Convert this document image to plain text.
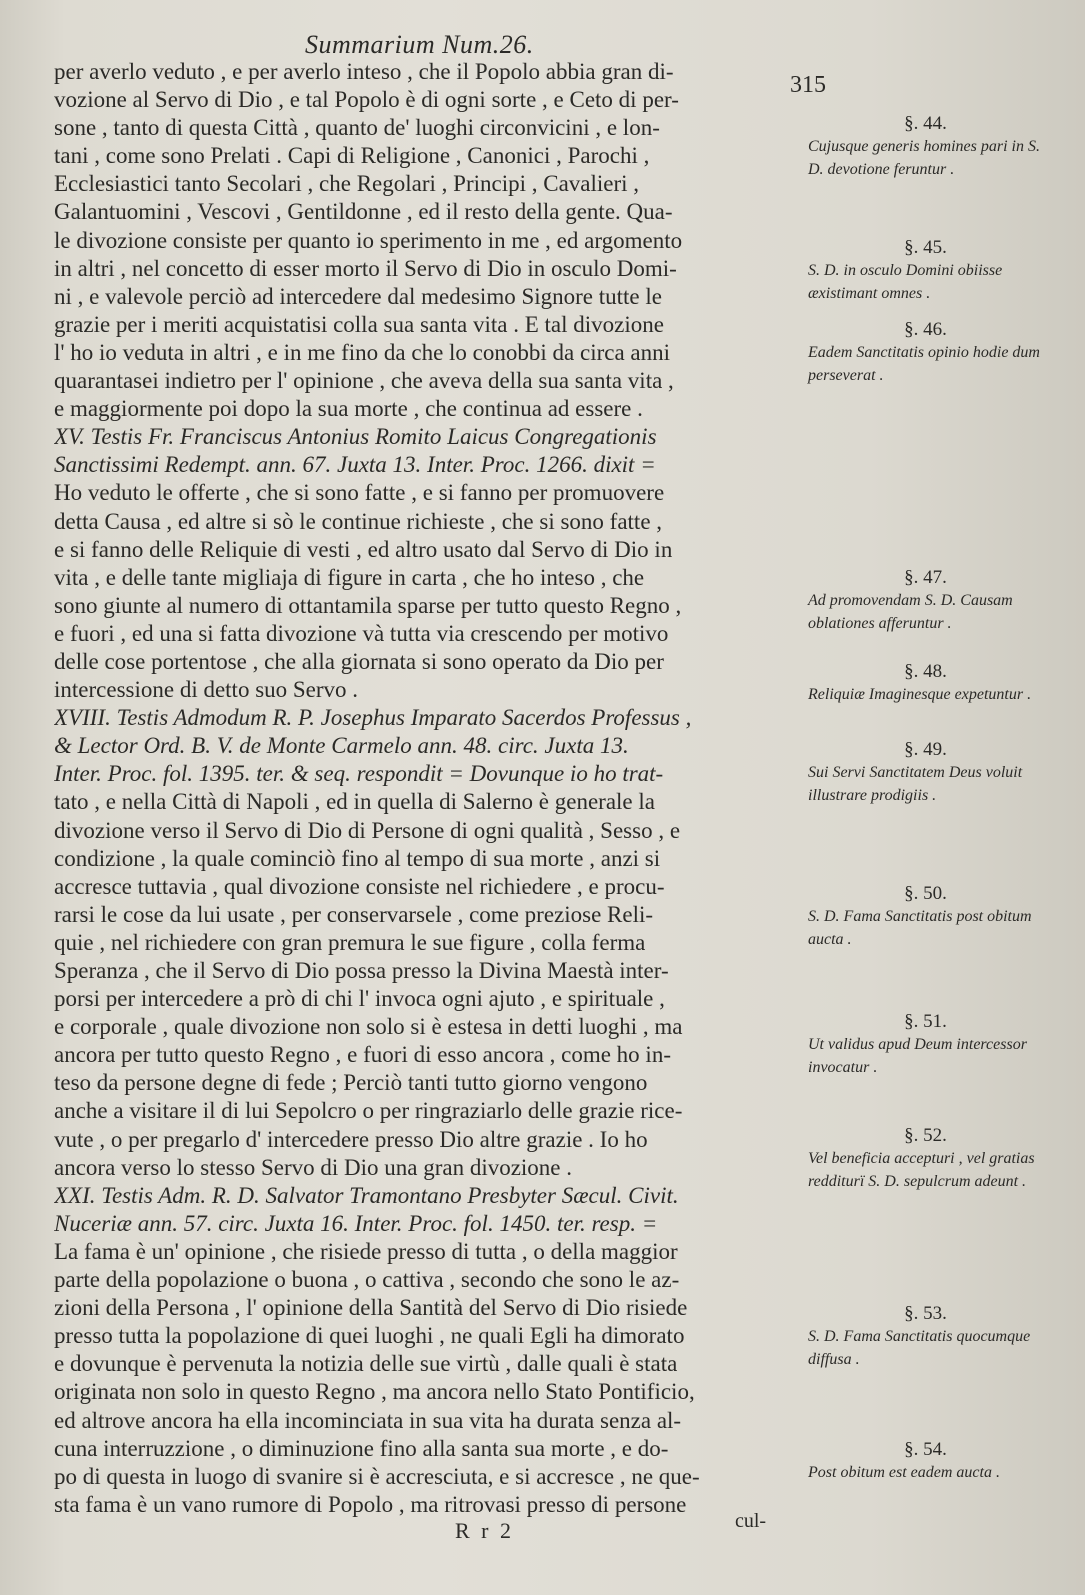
Summarium Num.26.
315
per averlo veduto , e per averlo inteso , che il Popolo abbia gran di-
vozione al Servo di Dio , e tal Popolo è di ogni sorte , e Ceto di per-
sone , tanto di questa Città , quanto de' luoghi circonvicini , e lon-
tani , come sono Prelati . Capi di Religione , Canonici , Parochi ,
Ecclesiastici tanto Secolari , che Regolari , Principi , Cavalieri ,
Galantuomini , Vescovi , Gentildonne , ed il resto della gente. Qua-
le divozione consiste per quanto io sperimento in me , ed argomento
in altri , nel concetto di esser morto il Servo di Dio in osculo Domi-
ni , e valevole perciò ad intercedere dal medesimo Signore tutte le
grazie per i meriti acquistatisi colla sua santa vita . E tal divozione
l' ho io veduta in altri , e in me fino da che lo conobbi da circa anni
quarantasei indietro per l' opinione , che aveva della sua santa vita ,
e maggiormente poi dopo la sua morte , che continua ad essere .
XV. Testis Fr. Franciscus Antonius Romito Laicus Congregationis
Sanctissimi Redempt. ann. 67. Juxta 13. Inter. Proc. 1266. dixit =
Ho veduto le offerte , che si sono fatte , e si fanno per promuovere
detta Causa , ed altre si sò le continue richieste , che si sono fatte ,
e si fanno delle Reliquie di vesti , ed altro usato dal Servo di Dio in
vita , e delle tante migliaja di figure in carta , che ho inteso , che
sono giunte al numero di ottantamila sparse per tutto questo Regno ,
e fuori , ed una si fatta divozione và tutta via crescendo per motivo
delle cose portentose , che alla giornata si sono operato da Dio per
intercessione di detto suo Servo .
XVIII. Testis Admodum R. P. Josephus Imparato Sacerdos Professus ,
& Lector Ord. B. V. de Monte Carmelo ann. 48. circ. Juxta 13.
Inter. Proc. fol. 1395. ter. & seq. respondit = Dovunque io ho trat-
tato , e nella Città di Napoli , ed in quella di Salerno è generale la
divozione verso il Servo di Dio di Persone di ogni qualità , Sesso , e
condizione , la quale cominciò fino al tempo di sua morte , anzi si
accresce tuttavia , qual divozione consiste nel richiedere , e procu-
rarsi le cose da lui usate , per conservarsele , come preziose Reli-
quie , nel richiedere con gran premura le sue figure , colla ferma
Speranza , che il Servo di Dio possa presso la Divina Maestà inter-
porsi per intercedere a prò di chi l' invoca ogni ajuto , e spirituale ,
e corporale , quale divozione non solo si è estesa in detti luoghi , ma
ancora per tutto questo Regno , e fuori di esso ancora , come ho in-
teso da persone degne di fede ; Perciò tanti tutto giorno vengono
anche a visitare il di lui Sepolcro o per ringraziarlo delle grazie rice-
vute , o per pregarlo d' intercedere presso Dio altre grazie . Io ho
ancora verso lo stesso Servo di Dio una gran divozione .
XXI. Testis Adm. R. D. Salvator Tramontano Presbyter Sæcul. Civit.
Nuceriæ ann. 57. circ. Juxta 16. Inter. Proc. fol. 1450. ter. resp. =
La fama è un' opinione , che risiede presso di tutta , o della maggior
parte della popolazione o buona , o cattiva , secondo che sono le az-
zioni della Persona , l' opinione della Santità del Servo di Dio risiede
presso tutta la popolazione di quei luoghi , ne quali Egli ha dimorato
e dovunque è pervenuta la notizia delle sue virtù , dalle quali è stata
originata non solo in questo Regno , ma ancora nello Stato Pontificio,
ed altrove ancora ha ella incominciata in sua vita ha durata senza al-
cuna interruzzione , o diminuzione fino alla santa sua morte , e do-
po di questa in luogo di svanire si è accresciuta, e si accresce , ne que-
sta fama è un vano rumore di Popolo , ma ritrovasi presso di persone
§. 44.
Cujusque generis homines pari in S. D. devotione feruntur .
§. 45.
S. D. in osculo Domini obiisse æxistimant omnes .
§. 46.
Eadem Sanctitatis opinio hodie dum perseverat .
§. 47.
Ad promovendam S. D. Causam oblationes afferuntur .
§. 48.
Reliquiæ Imaginesque expetuntur .
§. 49.
Sui Servi Sanctitatem Deus voluit illustrare prodigiis .
§. 50.
S. D. Fama Sanctitatis post obitum aucta .
§. 51.
Ut validus apud Deum intercessor invocatur .
§. 52.
Vel beneficia accepturi , vel gratias redditurï S. D. sepulcrum adeunt .
§. 53.
S. D. Fama Sanctitatis quocumque diffusa .
§. 54.
Post obitum est eadem aucta .
R r 2	cul-
